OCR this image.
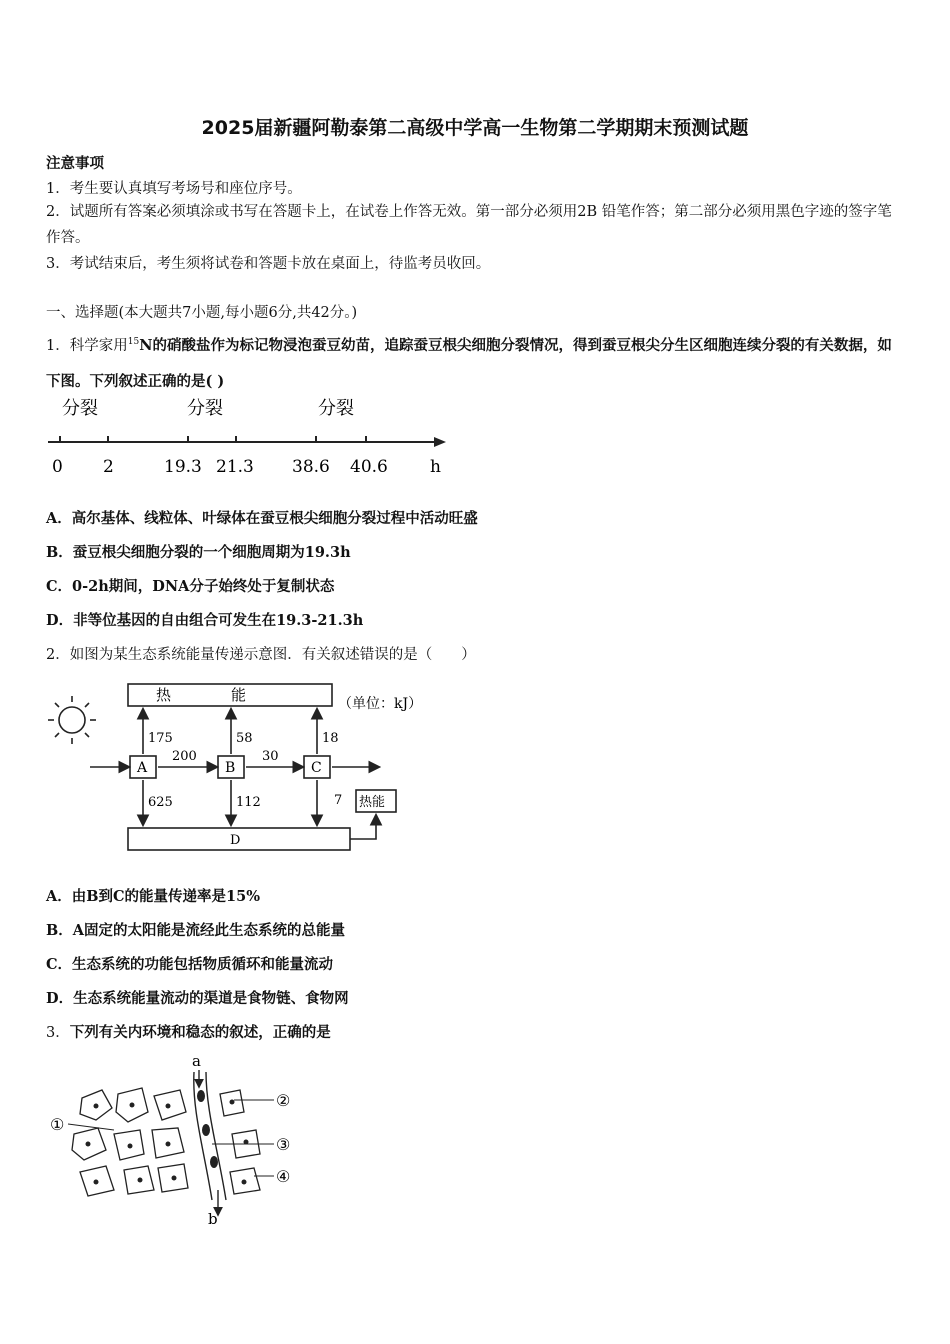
2025届新疆阿勒泰第二高级中学高一生物第二学期期末预测试题
注意事项
1．考生要认真填写考场号和座位序号。
2．试题所有答案必须填涂或书写在答题卡上，在试卷上作答无效。第一部分必须用2B 铅笔作答；第二部分必须用黑色字迹的签字笔作答。
3．考试结束后，考生须将试卷和答题卡放在桌面上，待监考员收回。
一、选择题(本大题共7小题,每小题6分,共42分。)
1．科学家用$^{15}$N的硝酸盐作为标记物浸泡蚕豆幼苗，追踪蚕豆根尖细胞分裂情况，得到蚕豆根尖分生区细胞连续分裂的有关数据，如下图。下列叙述正确的是( )
分裂	分裂	分裂
0 2	19.3 21.3 38.6 40.6 h
A．高尔基体、线粒体、叶绿体在蚕豆根尖细胞分裂过程中活动旺盛
B．蚕豆根尖细胞分裂的一个细胞周期为19.3h
C．0-2h期间，DNA分子始终处于复制状态
D．非等位基因的自由组合可发生在19.3-21.3h
2．如图为某生态系统能量传递示意图．有关叙述错误的是（　　）
热　　　　能	（单位：kJ）
A	B	C
200	30
175	58	18
625	112	7 热能
D
A．由B到C的能量传递率是15%
B．A固定的太阳能是流经此生态系统的总能量
C．生态系统的功能包括物质循环和能量流动
D．生态系统能量流动的渠道是食物链、食物网
3．下列有关内环境和稳态的叙述，正确的是
a
b
①
②
③
④
